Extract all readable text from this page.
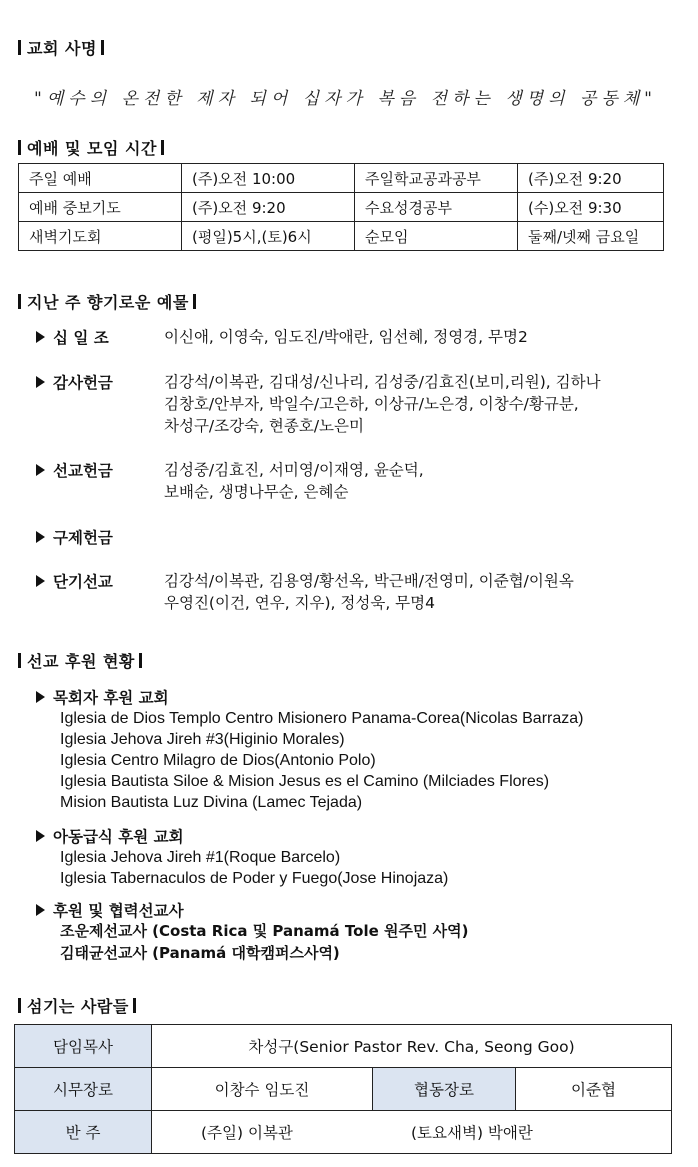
교회 사명
"예수의 온전한 제자 되어 십자가 복음 전하는 생명의 공동체"
예배 및 모임 시간
주일 예배	(주)오전 10:00	주일학교공과공부	(주)오전 9:20
예배 중보기도	(주)오전 9:20	수요성경공부	(수)오전 9:30
새벽기도회	(평일)5시,(토)6시	순모임	둘째/넷째 금요일
지난 주 향기로운 예물
십 일 조	이신애, 이영숙, 임도진/박애란, 임선혜, 정영경, 무명2
감사헌금	김강석/이복관, 김대성/신나리, 김성중/김효진(보미,리원), 김하나
김창호/안부자, 박일수/고은하, 이상규/노은경, 이창수/황규분,
차성구/조강숙, 현종호/노은미
선교헌금	김성중/김효진, 서미영/이재영, 윤순덕,
보배순, 생명나무순, 은혜순
구제헌금
단기선교	김강석/이복관, 김용영/황선옥, 박근배/전영미, 이준협/이원옥
우영진(이건, 연우, 지우), 정성욱, 무명4
선교 후원 현황
목회자 후원 교회
Iglesia de Dios Templo Centro Misionero Panama-Corea(Nicolas Barraza)
Iglesia Jehova Jireh #3(Higinio Morales)
Iglesia Centro Milagro de Dios(Antonio Polo)
Iglesia Bautista Siloe & Mision Jesus es el Camino (Milciades Flores)
Mision Bautista Luz Divina (Lamec Tejada)
아동급식 후원 교회
Iglesia Jehova Jireh #1(Roque Barcelo)
Iglesia Tabernaculos de Poder y Fuego(Jose Hinojaza)
후원 및 협력선교사
조운제선교사 (Costa Rica 및 Panamá Tole 원주민 사역)
김태균선교사 (Panamá 대학캠퍼스사역)
섬기는 사람들
담임목사	차성구(Senior Pastor Rev. Cha, Seong Goo)		
시무장로	이창수 임도진	협동장로	이준협
반 주	(주일) 이복관 (토요새벽) 박애란		
